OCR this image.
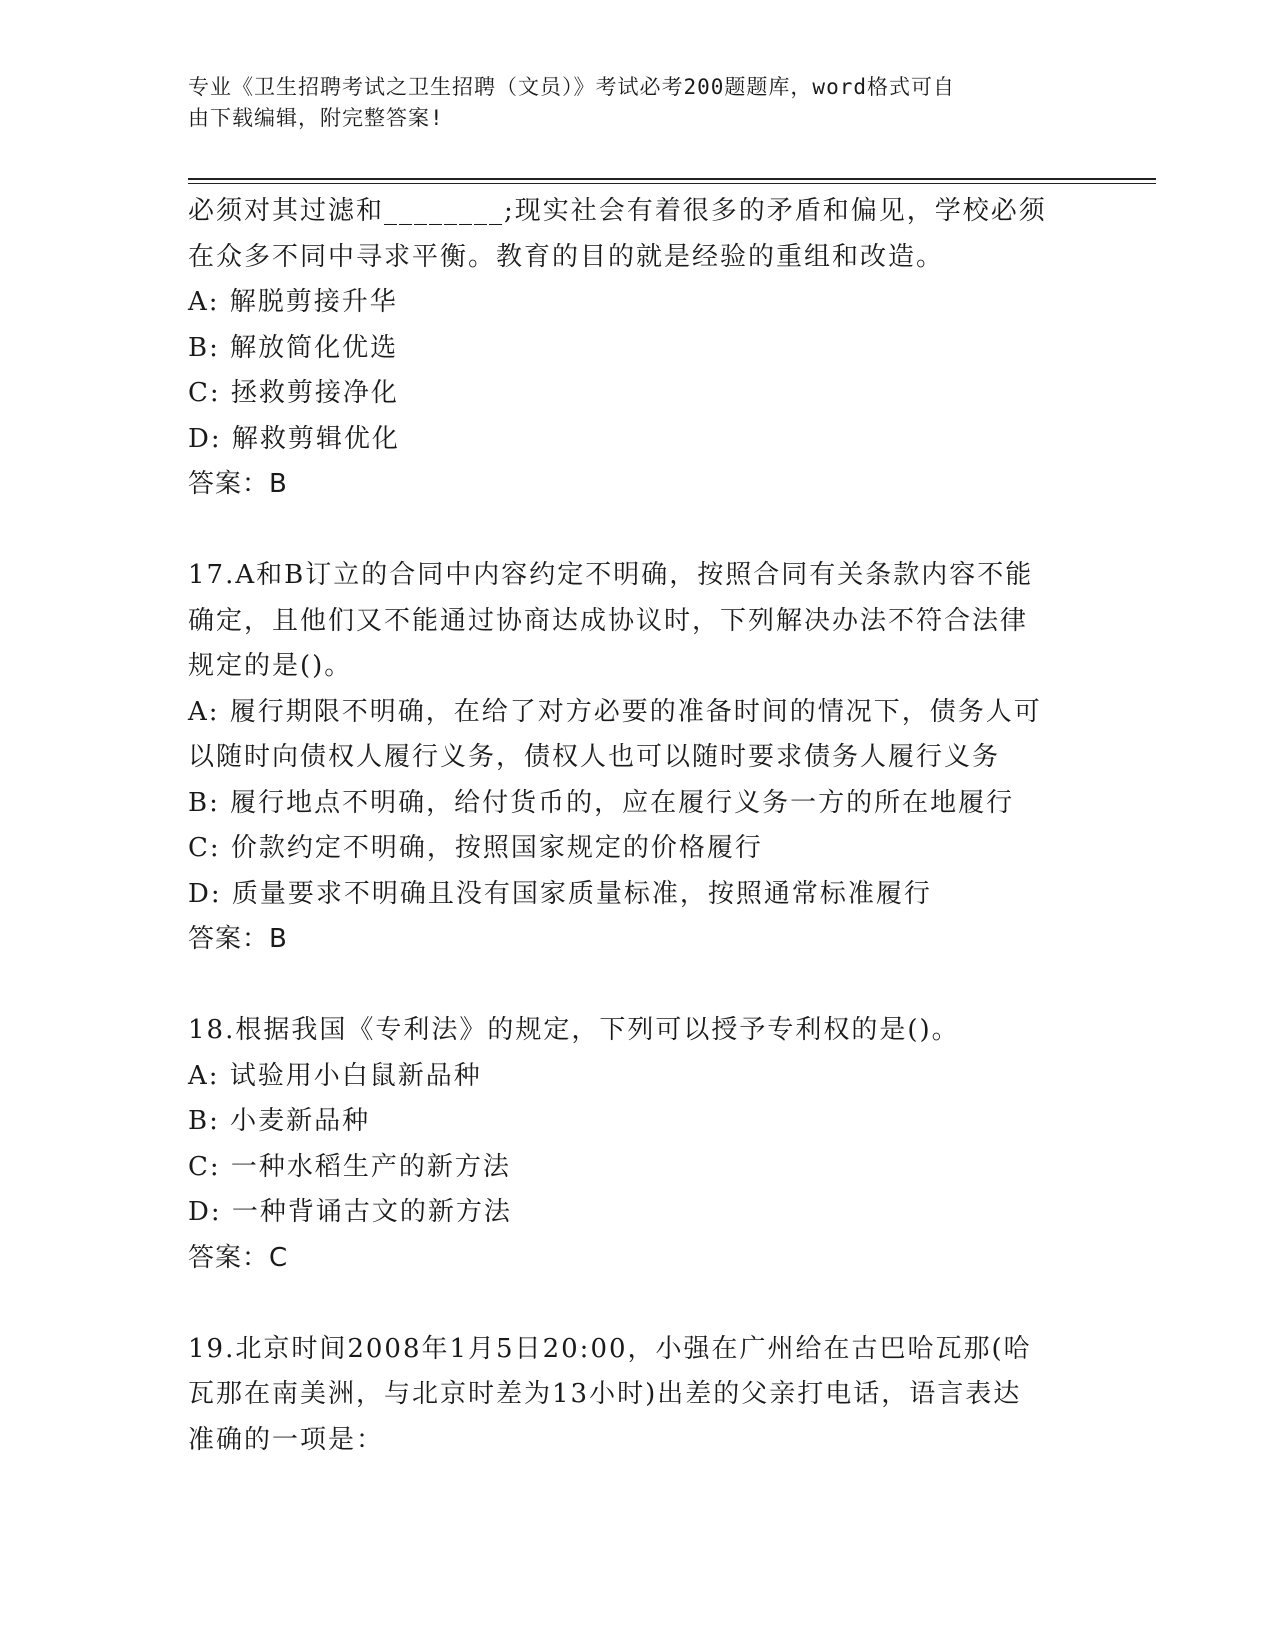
专业《卫生招聘考试之卫生招聘（文员）》考试必考200题题库，word格式可自
由下载编辑，附完整答案!
必须对其过滤和________;现实社会有着很多的矛盾和偏见，学校必须
在众多不同中寻求平衡。教育的目的就是经验的重组和改造。
A: 解脱剪接升华
B: 解放简化优选
C: 拯救剪接净化
D: 解救剪辑优化
答案：B
17.A和B订立的合同中内容约定不明确，按照合同有关条款内容不能
确定，且他们又不能通过协商达成协议时，下列解决办法不符合法律
规定的是()。
A: 履行期限不明确，在给了对方必要的准备时间的情况下，债务人可
以随时向债权人履行义务，债权人也可以随时要求债务人履行义务
B: 履行地点不明确，给付货币的，应在履行义务一方的所在地履行
C: 价款约定不明确，按照国家规定的价格履行
D: 质量要求不明确且没有国家质量标准，按照通常标准履行
答案：B
18.根据我国《专利法》的规定，下列可以授予专利权的是()。
A: 试验用小白鼠新品种
B: 小麦新品种
C: 一种水稻生产的新方法
D: 一种背诵古文的新方法
答案：C
19.北京时间2008年1月5日20:00，小强在广州给在古巴哈瓦那(哈
瓦那在南美洲，与北京时差为13小时)出差的父亲打电话，语言表达
准确的一项是：
